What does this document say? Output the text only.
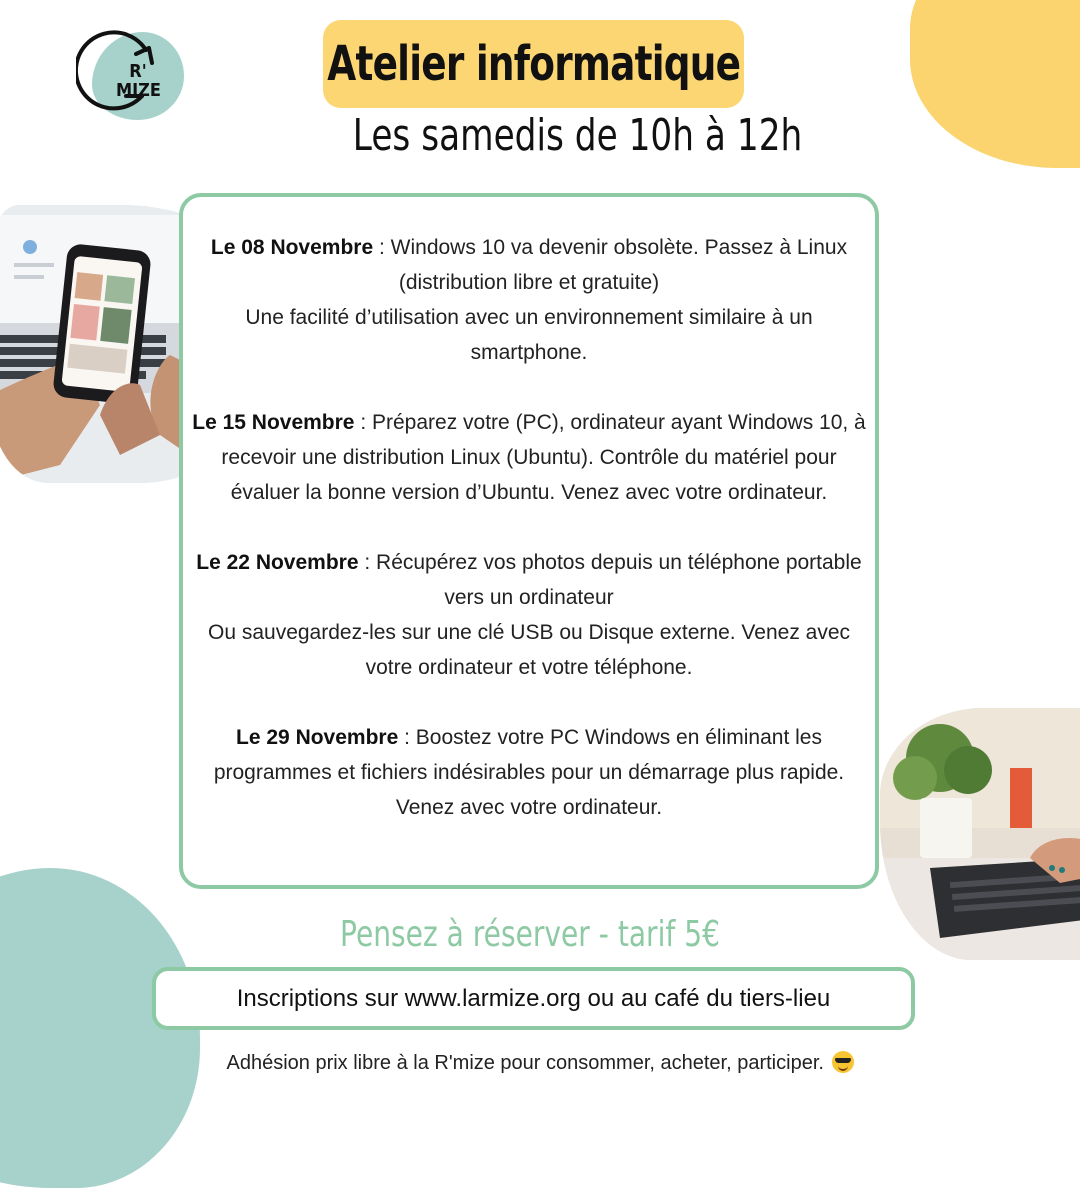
R'
MIZE	Atelier informatique
Les samedis de 10h à 12h
Le 08 Novembre : Windows 10 va devenir obsolète. Passez à Linux (distribution libre et gratuite)
Une facilité d’utilisation avec un environnement similaire à un smartphone.
Le 15 Novembre : Préparez votre (PC), ordinateur ayant Windows 10, à recevoir une distribution Linux (Ubuntu). Contrôle du matériel pour évaluer la bonne version d’Ubuntu. Venez avec votre ordinateur.
Le 22 Novembre : Récupérez vos photos depuis un téléphone portable vers un ordinateur
Ou sauvegardez-les sur une clé USB ou Disque externe. Venez avec votre ordinateur et votre téléphone.
Le 29 Novembre : Boostez votre PC Windows en éliminant les programmes et fichiers indésirables pour un démarrage plus rapide. Venez avec votre ordinateur.
Pensez à réserver - tarif 5€
Inscriptions sur www.larmize.org ou au café du tiers-lieu
Adhésion prix libre à la R'mize pour consommer, acheter, participer.
